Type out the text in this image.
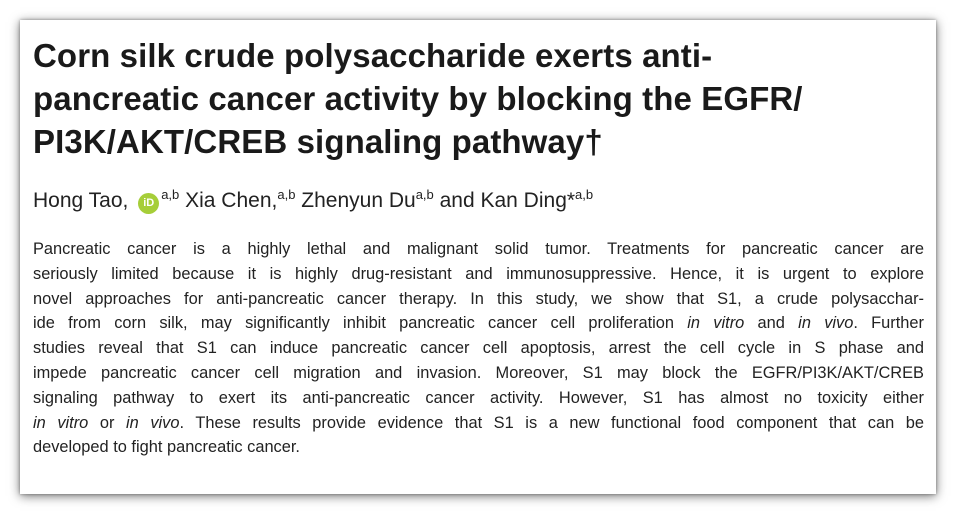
Corn silk crude polysaccharide exerts anti-
pancreatic cancer activity by blocking the EGFR/
PI3K/AKT/CREB signaling pathway†
Hong Tao, iD$^{a,b}$ Xia Chen,$^{a,b}$ Zhenyun Du$^{a,b}$ and Kan Ding*$^{a,b}$
Pancreatic cancer is a highly lethal and malignant solid tumor. Treatments for pancreatic cancer are
seriously limited because it is highly drug-resistant and immunosuppressive. Hence, it is urgent to explore
novel approaches for anti-pancreatic cancer therapy. In this study, we show that S1, a crude polysacchar-
ide from corn silk, may significantly inhibit pancreatic cancer cell proliferation in vitro and in vivo. Further
studies reveal that S1 can induce pancreatic cancer cell apoptosis, arrest the cell cycle in S phase and
impede pancreatic cancer cell migration and invasion. Moreover, S1 may block the EGFR/PI3K/AKT/CREB
signaling pathway to exert its anti-pancreatic cancer activity. However, S1 has almost no toxicity either
in vitro or in vivo. These results provide evidence that S1 is a new functional food component that can be
developed to fight pancreatic cancer.
